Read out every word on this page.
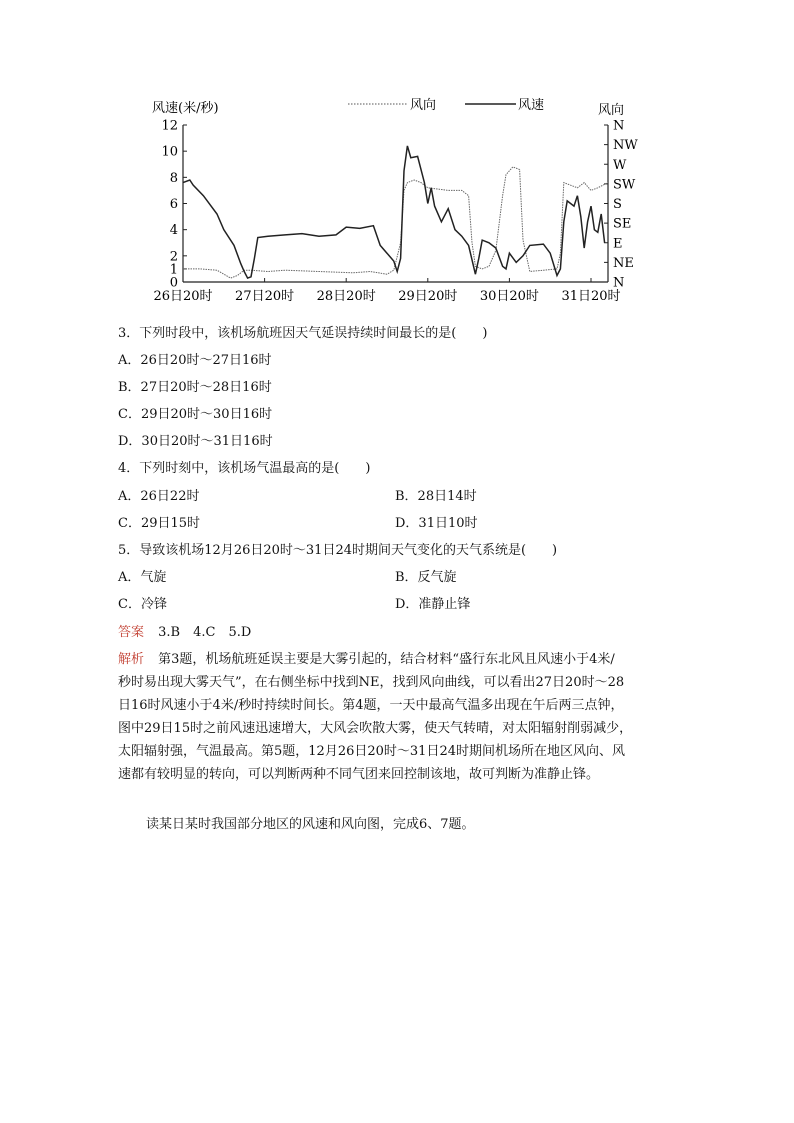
风速(米/秒)	风向	风速	风向
12
10
8
6
4
2
1
0
N
NW
W
SW
S
SE
E
NE
N
26日20时 27日20时 28日20时 29日20时 30日20时 31日20时
3．下列时段中，该机场航班因天气延误持续时间最长的是(　　)
A．26日20时～27日16时
B．27日20时～28日16时
C．29日20时～30日16时
D．30日20时～31日16时
4．下列时刻中，该机场气温最高的是(　　)
A．26日22时	B．28日14时
C．29日15时	D．31日10时
5．导致该机场12月26日20时～31日24时期间天气变化的天气系统是(　　)
A．气旋	B．反气旋
C．冷锋	D．准静止锋
答案 3.B　4.C　5.D
解析 第3题，机场航班延误主要是大雾引起的，结合材料“盛行东北风且风速小于4米/
秒时易出现大雾天气”，在右侧坐标中找到NE，找到风向曲线，可以看出27日20时～28
日16时风速小于4米/秒时持续时间长。第4题，一天中最高气温多出现在午后两三点钟，
图中29日15时之前风速迅速增大，大风会吹散大雾，使天气转晴，对太阳辐射削弱减少，
太阳辐射强，气温最高。第5题，12月26日20时～31日24时期间机场所在地区风向、风
速都有较明显的转向，可以判断两种不同气团来回控制该地，故可判断为准静止锋。
读某日某时我国部分地区的风速和风向图，完成6、7题。
